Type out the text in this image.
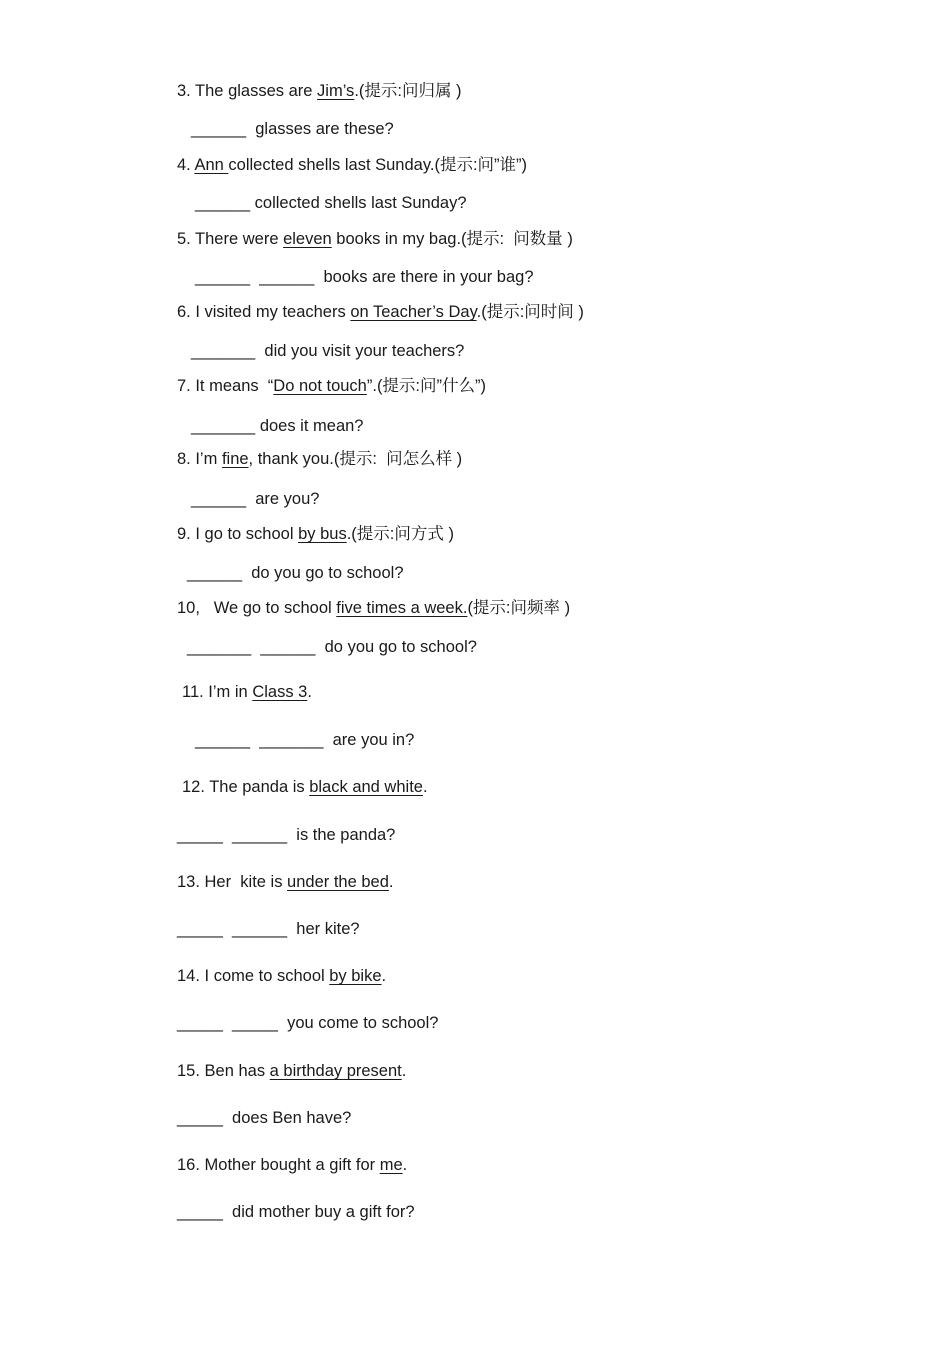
3. The glasses are Jim’s.(提示:问归属 )

______  glasses are these?

4. Ann collected shells last Sunday.(提示:问”谁”)

______ collected shells last Sunday?

5. There were eleven books in my bag.(提示:  问数量 )

______  ______  books are there in your bag?

6. I visited my teachers on Teacher’s Day.(提示:问时间 )

_______  did you visit your teachers?

7. It means  “Do not touch”.(提示:问”什么”)

_______ does it mean?

8. I’m fine, thank you.(提示:  问怎么样 )

______  are you?

9. I go to school by bus.(提示:问方式 )

______  do you go to school?

10,   We go to school five times a week.(提示:问频率 )

_______  ______  do you go to school?

11. I’m in Class 3.

______  _______  are you in?

12. The panda is black and white.

_____  ______  is the panda?

13. Her  kite is under the bed.

_____  ______  her kite?

14. I come to school by bike.

_____  _____  you come to school?

15. Ben has a birthday present.

_____  does Ben have?

16. Mother bought a gift for me.

_____  did mother buy a gift for?
